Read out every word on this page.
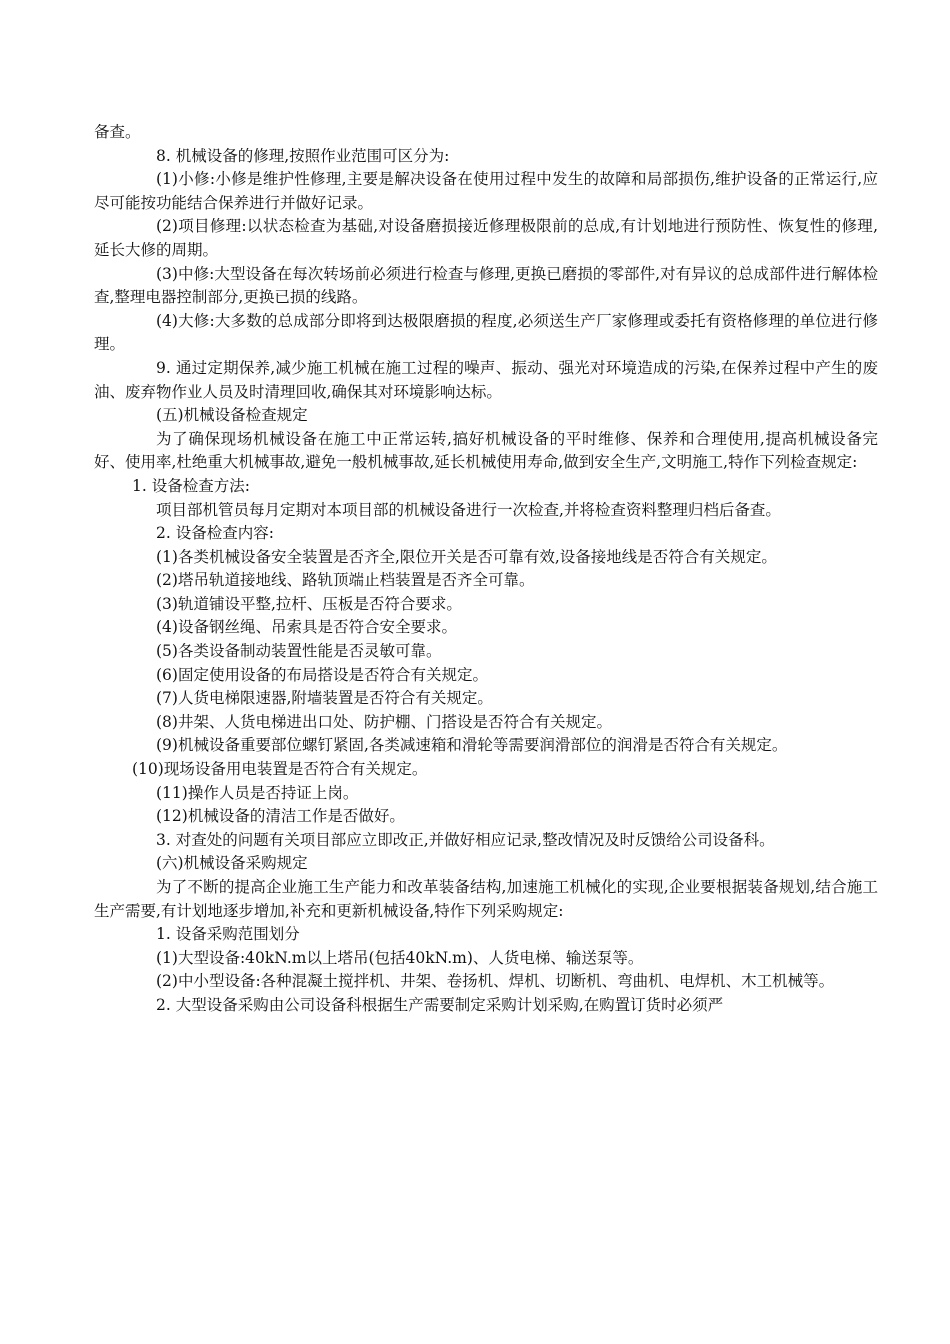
备查。

8. 机械设备的修理,按照作业范围可区分为:

(1)小修:小修是维护性修理,主要是解决设备在使用过程中发生的故障和局部损伤,维护设备的正常运行,应尽可能按功能结合保养进行并做好记录。

(2)项目修理:以状态检查为基础,对设备磨损接近修理极限前的总成,有计划地进行预防性、恢复性的修理,延长大修的周期。

(3)中修:大型设备在每次转场前必须进行检查与修理,更换已磨损的零部件,对有异议的总成部件进行解体检查,整理电器控制部分,更换已损的线路。

(4)大修:大多数的总成部分即将到达极限磨损的程度,必须送生产厂家修理或委托有资格修理的单位进行修理。

9. 通过定期保养,减少施工机械在施工过程的噪声、振动、强光对环境造成的污染,在保养过程中产生的废油、废弃物作业人员及时清理回收,确保其对环境影响达标。

(五)机械设备检查规定

为了确保现场机械设备在施工中正常运转,搞好机械设备的平时维修、保养和合理使用,提高机械设备完好、使用率,杜绝重大机械事故,避免一般机械事故,延长机械使用寿命,做到安全生产,文明施工,特作下列检查规定:

1. 设备检查方法:

项目部机管员每月定期对本项目部的机械设备进行一次检查,并将检查资料整理归档后备查。

2. 设备检查内容:

(1)各类机械设备安全装置是否齐全,限位开关是否可靠有效,设备接地线是否符合有关规定。

(2)塔吊轨道接地线、路轨顶端止档装置是否齐全可靠。

(3)轨道铺设平整,拉杆、压板是否符合要求。

(4)设备钢丝绳、吊索具是否符合安全要求。

(5)各类设备制动装置性能是否灵敏可靠。

(6)固定使用设备的布局搭设是否符合有关规定。

(7)人货电梯限速器,附墙装置是否符合有关规定。

(8)井架、人货电梯进出口处、防护棚、门搭设是否符合有关规定。

(9)机械设备重要部位螺钉紧固,各类减速箱和滑轮等需要润滑部位的润滑是否符合有关规定。

(10)现场设备用电装置是否符合有关规定。

(11)操作人员是否持证上岗。

(12)机械设备的清洁工作是否做好。

3. 对查处的问题有关项目部应立即改正,并做好相应记录,整改情况及时反馈给公司设备科。

(六)机械设备采购规定

为了不断的提高企业施工生产能力和改革装备结构,加速施工机械化的实现,企业要根据装备规划,结合施工生产需要,有计划地逐步增加,补充和更新机械设备,特作下列采购规定:

1. 设备采购范围划分

(1)大型设备:40kN.m以上塔吊(包括40kN.m)、人货电梯、输送泵等。

(2)中小型设备:各种混凝土搅拌机、井架、卷扬机、焊机、切断机、弯曲机、电焊机、木工机械等。

2. 大型设备采购由公司设备科根据生产需要制定采购计划采购,在购置订货时必须严
